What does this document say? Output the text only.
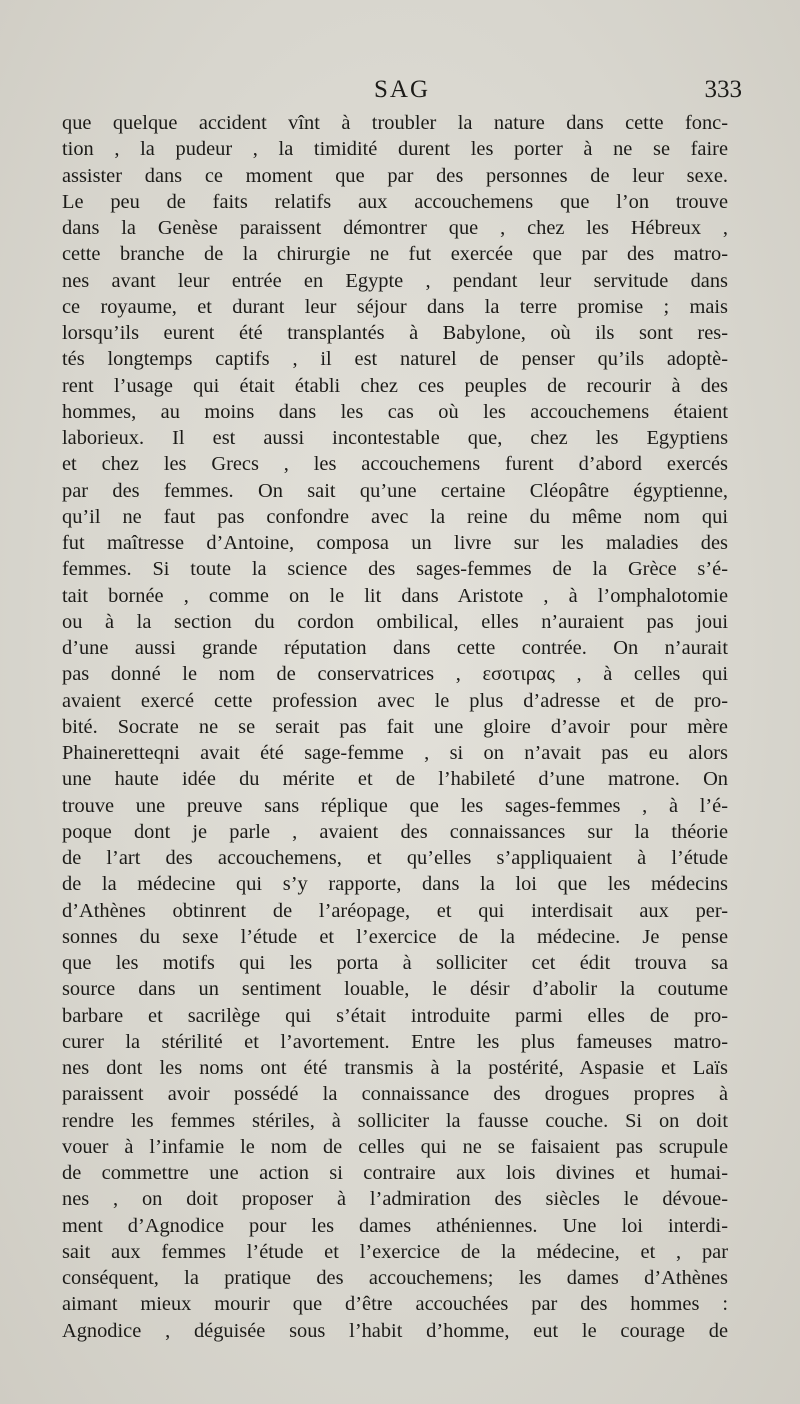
SAG	333
que quelque accident vînt à troubler la nature dans cette fonc-
tion , la pudeur , la timidité durent les porter à ne se faire
assister dans ce moment que par des personnes de leur sexe.
Le peu de faits relatifs aux accouchemens que l’on trouve
dans la Genèse paraissent démontrer que , chez les Hébreux ,
cette branche de la chirurgie ne fut exercée que par des matro-
nes avant leur entrée en Egypte , pendant leur servitude dans
ce royaume, et durant leur séjour dans la terre promise ; mais
lorsqu’ils eurent été transplantés à Babylone, où ils sont res-
tés longtemps captifs , il est naturel de penser qu’ils adoptè-
rent l’usage qui était établi chez ces peuples de recourir à des
hommes, au moins dans les cas où les accouchemens étaient
laborieux. Il est aussi incontestable que, chez les Egyptiens
et chez les Grecs , les accouchemens furent d’abord exercés
par des femmes. On sait qu’une certaine Cléopâtre égyptienne,
qu’il ne faut pas confondre avec la reine du même nom qui
fut maîtresse d’Antoine, composa un livre sur les maladies des
femmes. Si toute la science des sages-femmes de la Grèce s’é-
tait bornée , comme on le lit dans Aristote , à l’omphalotomie
ou à la section du cordon ombilical, elles n’auraient pas joui
d’une aussi grande réputation dans cette contrée. On n’aurait
pas donné le nom de conservatrices , εσοτιρας , à celles qui
avaient exercé cette profession avec le plus d’adresse et de pro-
bité. Socrate ne se serait pas fait une gloire d’avoir pour mère
Phaineretteqni avait été sage-femme , si on n’avait pas eu alors
une haute idée du mérite et de l’habileté d’une matrone. On
trouve une preuve sans réplique que les sages-femmes , à l’é-
poque dont je parle , avaient des connaissances sur la théorie
de l’art des accouchemens, et qu’elles s’appliquaient à l’étude
de la médecine qui s’y rapporte, dans la loi que les médecins
d’Athènes obtinrent de l’aréopage, et qui interdisait aux per-
sonnes du sexe l’étude et l’exercice de la médecine. Je pense
que les motifs qui les porta à solliciter cet édit trouva sa
source dans un sentiment louable, le désir d’abolir la coutume
barbare et sacrilège qui s’était introduite parmi elles de pro-
curer la stérilité et l’avortement. Entre les plus fameuses matro-
nes dont les noms ont été transmis à la postérité, Aspasie et Laïs
paraissent avoir possédé la connaissance des drogues propres à
rendre les femmes stériles, à solliciter la fausse couche. Si on doit
vouer à l’infamie le nom de celles qui ne se faisaient pas scrupule
de commettre une action si contraire aux lois divines et humai-
nes , on doit proposer à l’admiration des siècles le dévoue-
ment d’Agnodice pour les dames athéniennes. Une loi interdi-
sait aux femmes l’étude et l’exercice de la médecine, et , par
conséquent, la pratique des accouchemens; les dames d’Athènes
aimant mieux mourir que d’être accouchées par des hommes :
Agnodice , déguisée sous l’habit d’homme, eut le courage de
